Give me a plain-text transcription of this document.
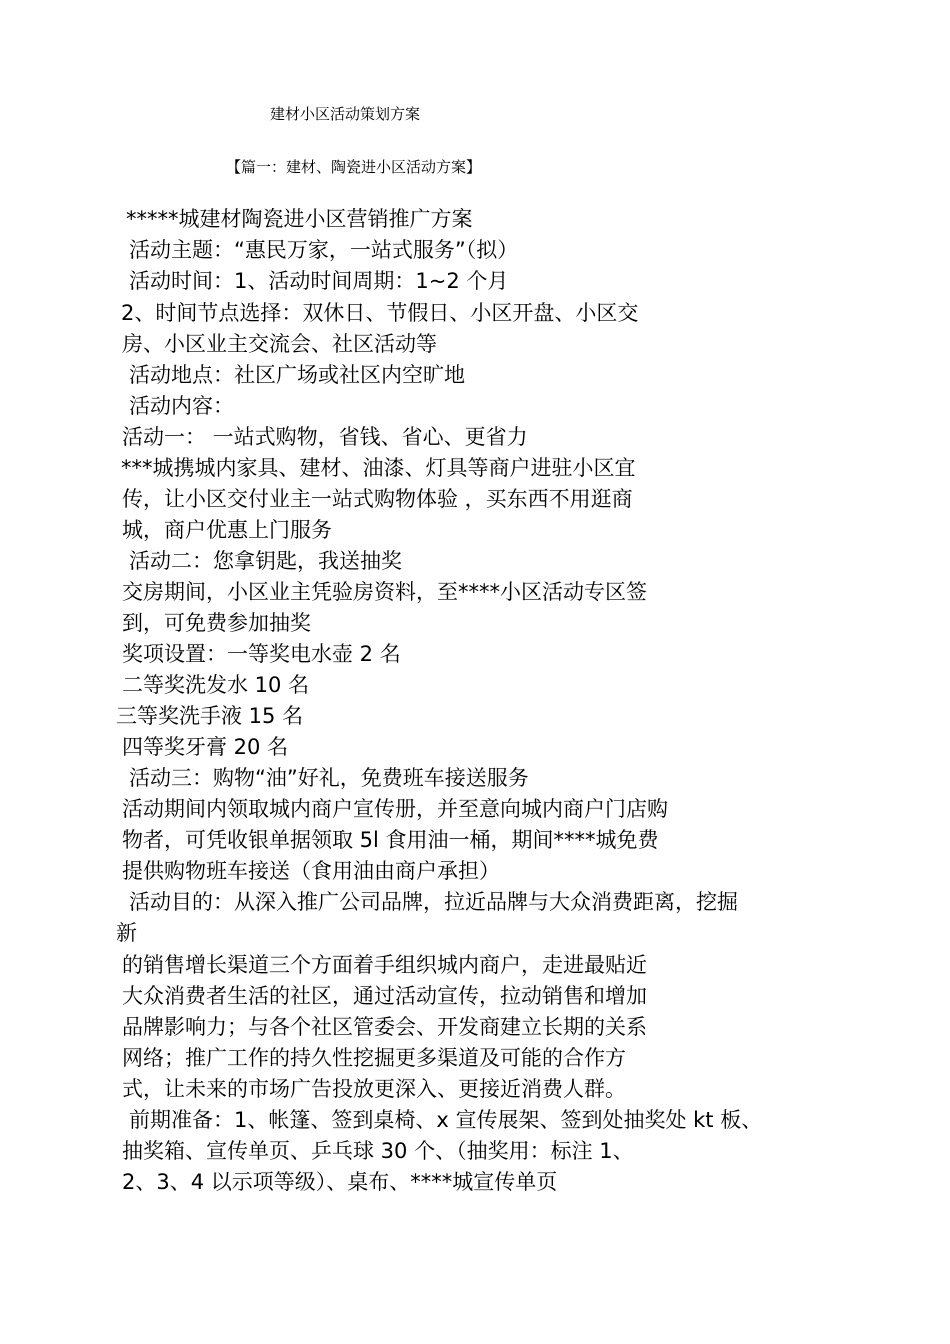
建材小区活动策划方案
【篇一：建材、陶瓷进小区活动方案】
*****城建材陶瓷进小区营销推广方案
活动主题：“惠民万家，一站式服务”（拟）
活动时间：1、活动时间周期：1~2 个月
2、时间节点选择：双休日、节假日、小区开盘、小区交
房、小区业主交流会、社区活动等
活动地点：社区广场或社区内空旷地
活动内容：
活动一： 一站式购物，省钱、省心、更省力
***城携城内家具、建材、油漆、灯具等商户进驻小区宜
传，让小区交付业主一站式购物体验 ，买东西不用逛商
城，商户优惠上门服务
活动二：您拿钥匙，我送抽奖
交房期间，小区业主凭验房资料，至****小区活动专区签
到，可免费参加抽奖
奖项设置：一等奖电水壶 2 名
二等奖洗发水 10 名
三等奖洗手液 15 名
四等奖牙膏 20 名
活动三：购物“油”好礼，免费班车接送服务
活动期间内领取城内商户宣传册，并至意向城内商户门店购
物者，可凭收银单据领取 5l 食用油一桶，期间****城免费
提供购物班车接送（食用油由商户承担）
活动目的：从深入推广公司品牌，拉近品牌与大众消费距离，挖掘
新
的销售增长渠道三个方面着手组织城内商户，走进最贴近
大众消费者生活的社区，通过活动宣传，拉动销售和增加
品牌影响力；与各个社区管委会、开发商建立长期的关系
网络；推广工作的持久性挖掘更多渠道及可能的合作方
式，让未来的市场广告投放更深入、更接近消费人群。
前期准备：1、帐篷、签到桌椅、x 宣传展架、签到处抽奖处 kt 板、
抽奖箱、宣传单页、乒乓球 30 个、（抽奖用：标注 1、
2、3、4 以示项等级）、桌布、****城宣传单页
